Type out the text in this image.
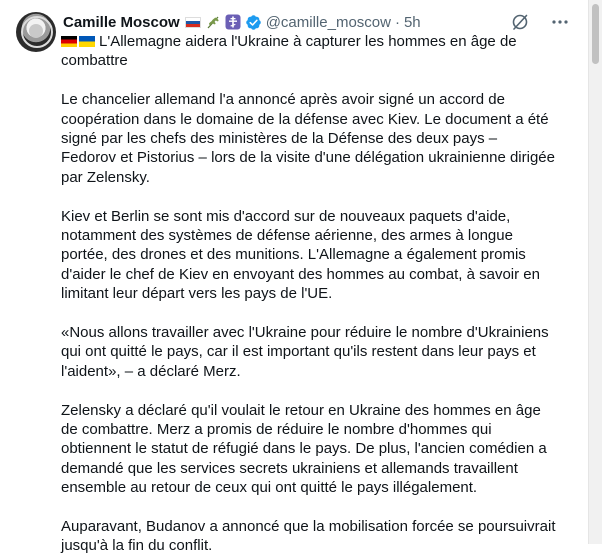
Camille Moscow	@camille_moscow · 5h

L'Allemagne aidera l'Ukraine à capturer les hommes en âge de combattre

Le chancelier allemand l'a annoncé après avoir signé un accord de coopération dans le domaine de la défense avec Kiev. Le document a été signé par les chefs des ministères de la Défense des deux pays – Fedorov et Pistorius – lors de la visite d'une délégation ukrainienne dirigée par Zelensky.

Kiev et Berlin se sont mis d'accord sur de nouveaux paquets d'aide, notamment des systèmes de défense aérienne, des armes à longue portée, des drones et des munitions. L'Allemagne a également promis d'aider le chef de Kiev en envoyant des hommes au combat, à savoir en limitant leur départ vers les pays de l'UE.

«Nous allons travailler avec l'Ukraine pour réduire le nombre d'Ukrainiens qui ont quitté le pays, car il est important qu'ils restent dans leur pays et l'aident», – a déclaré Merz.

Zelensky a déclaré qu'il voulait le retour en Ukraine des hommes en âge de combattre. Merz a promis de réduire le nombre d'hommes qui obtiennent le statut de réfugié dans le pays. De plus, l'ancien comédien a demandé que les services secrets ukrainiens et allemands travaillent ensemble au retour de ceux qui ont quitté le pays illégalement.

Auparavant, Budanov a annoncé que la mobilisation forcée se poursuivrait jusqu'à la fin du conflit.
